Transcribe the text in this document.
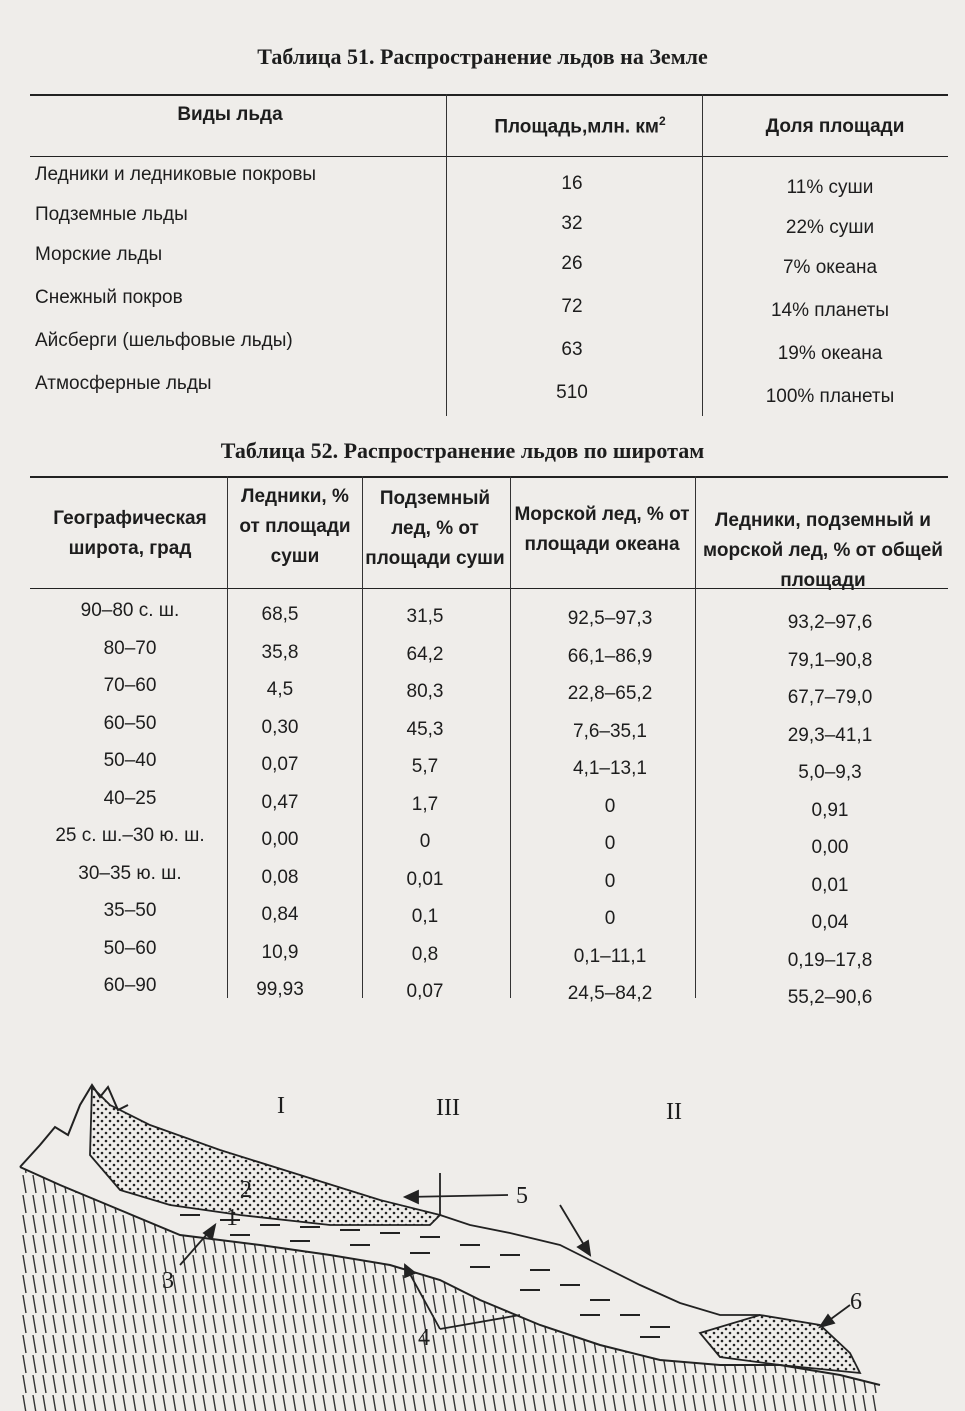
Таблица 51. Распространение льдов на Земле
Виды льда
Площадь,млн. $км^2$	Доля площади
Ледники и ледниковые покровы	16	11% суши
Подземные льды	32	22% суши
Морские льды	26	7% океана
Снежный покров	72	14% планеты
Айсберги (шельфовые льды)	63	19% океана
Атмосферные льды	510	100% планеты
Таблица 52. Распространение льдов по широтам
Географическая широта, град
Ледники, % от площади суши
Подземный лед, % от площади суши
Морской лед, % от площади океана
Ледники, подземный и морской лед, % от общей площади
90–80 с. ш.	68,5	31,5	92,5–97,3	93,2–97,6
80–70	35,8	64,2	66,1–86,9	79,1–90,8
70–60	4,5	80,3	22,8–65,2	67,7–79,0
60–50	0,30	45,3	7,6–35,1	29,3–41,1
50–40	0,07	5,7	4,1–13,1	5,0–9,3
40–25	0,47	1,7	0	0,91
25 с. ш.–30 ю. ш.	0,00	0	0	0,00
30–35 ю. ш.	0,08	0,01	0	0,01
35–50	0,84	0,1	0	0,04
50–60	10,9	0,8	0,1–11,1	0,19–17,8
60–90	99,93	0,07	24,5–84,2	55,2–90,6
I	III	II
1
2
3
4
5
6
